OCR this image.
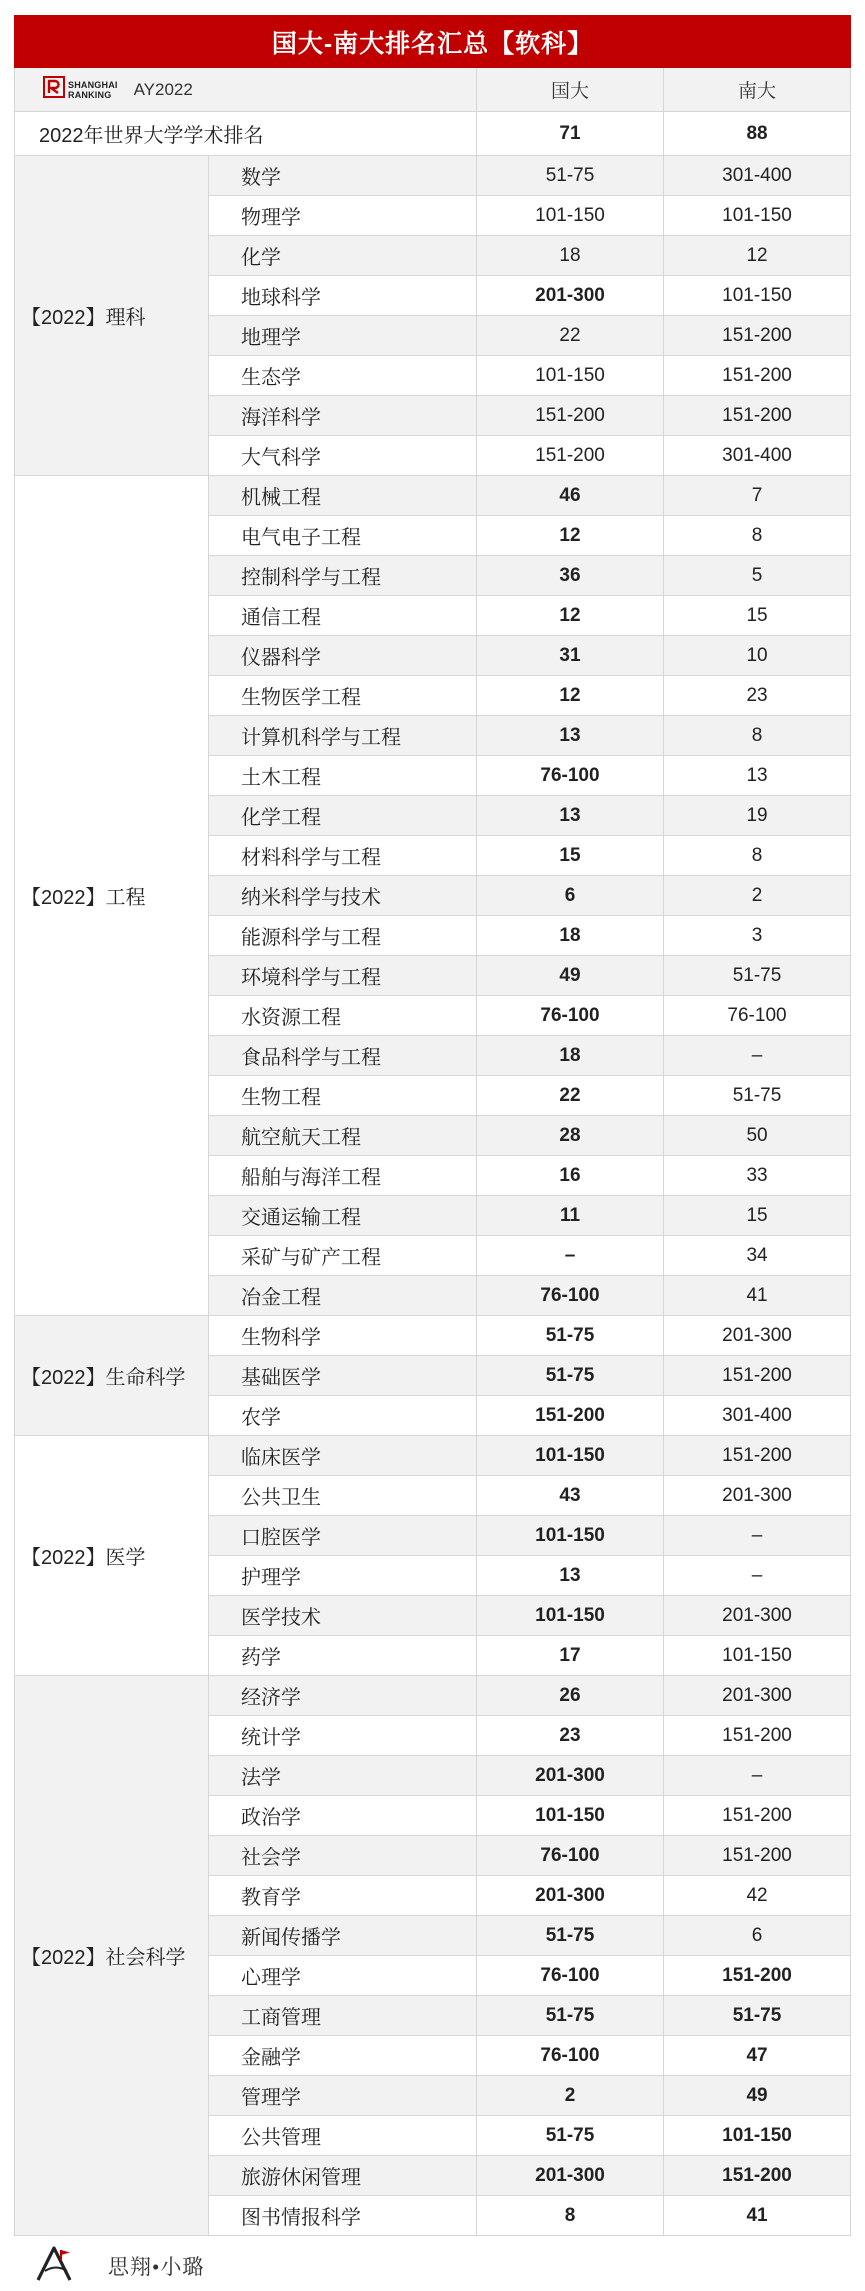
国大-南大排名汇总【软科】			

SHANGHAI
RANKING AY2022		国大	南大
2022年世界大学学术排名		71	88
【2022】理科	数学	51-75	301-400
	物理学	101-150	101-150
	化学	18	12
	地球科学	201-300	101-150
	地理学	22	151-200
	生态学	101-150	151-200
	海洋科学	151-200	151-200
	大气科学	151-200	301-400
【2022】工程	机械工程	46	7
	电气电子工程	12	8
	控制科学与工程	36	5
	通信工程	12	15
	仪器科学	31	10
	生物医学工程	12	23
	计算机科学与工程	13	8
	土木工程	76-100	13
	化学工程	13	19
	材料科学与工程	15	8
	纳米科学与技术	6	2
	能源科学与工程	18	3
	环境科学与工程	49	51-75
	水资源工程	76-100	76-100
	食品科学与工程	18	–
	生物工程	22	51-75
	航空航天工程	28	50
	船舶与海洋工程	16	33
	交通运输工程	11	15
	采矿与矿产工程	–	34
	冶金工程	76-100	41
【2022】生命科学	生物科学	51-75	201-300
	基础医学	51-75	151-200
	农学	151-200	301-400
【2022】医学	临床医学	101-150	151-200
	公共卫生	43	201-300
	口腔医学	101-150	–
	护理学	13	–
	医学技术	101-150	201-300
	药学	17	101-150
【2022】社会科学	经济学	26	201-300
	统计学	23	151-200
	法学	201-300	–
	政治学	101-150	151-200
	社会学	76-100	151-200
	教育学	201-300	42
	新闻传播学	51-75	6
	心理学	76-100	151-200
	工商管理	51-75	51-75
	金融学	76-100	47
	管理学	2	49
	公共管理	51-75	101-150
	旅游休闲管理	201-300	151-200
	图书情报科学	8	41
思翔•小璐
